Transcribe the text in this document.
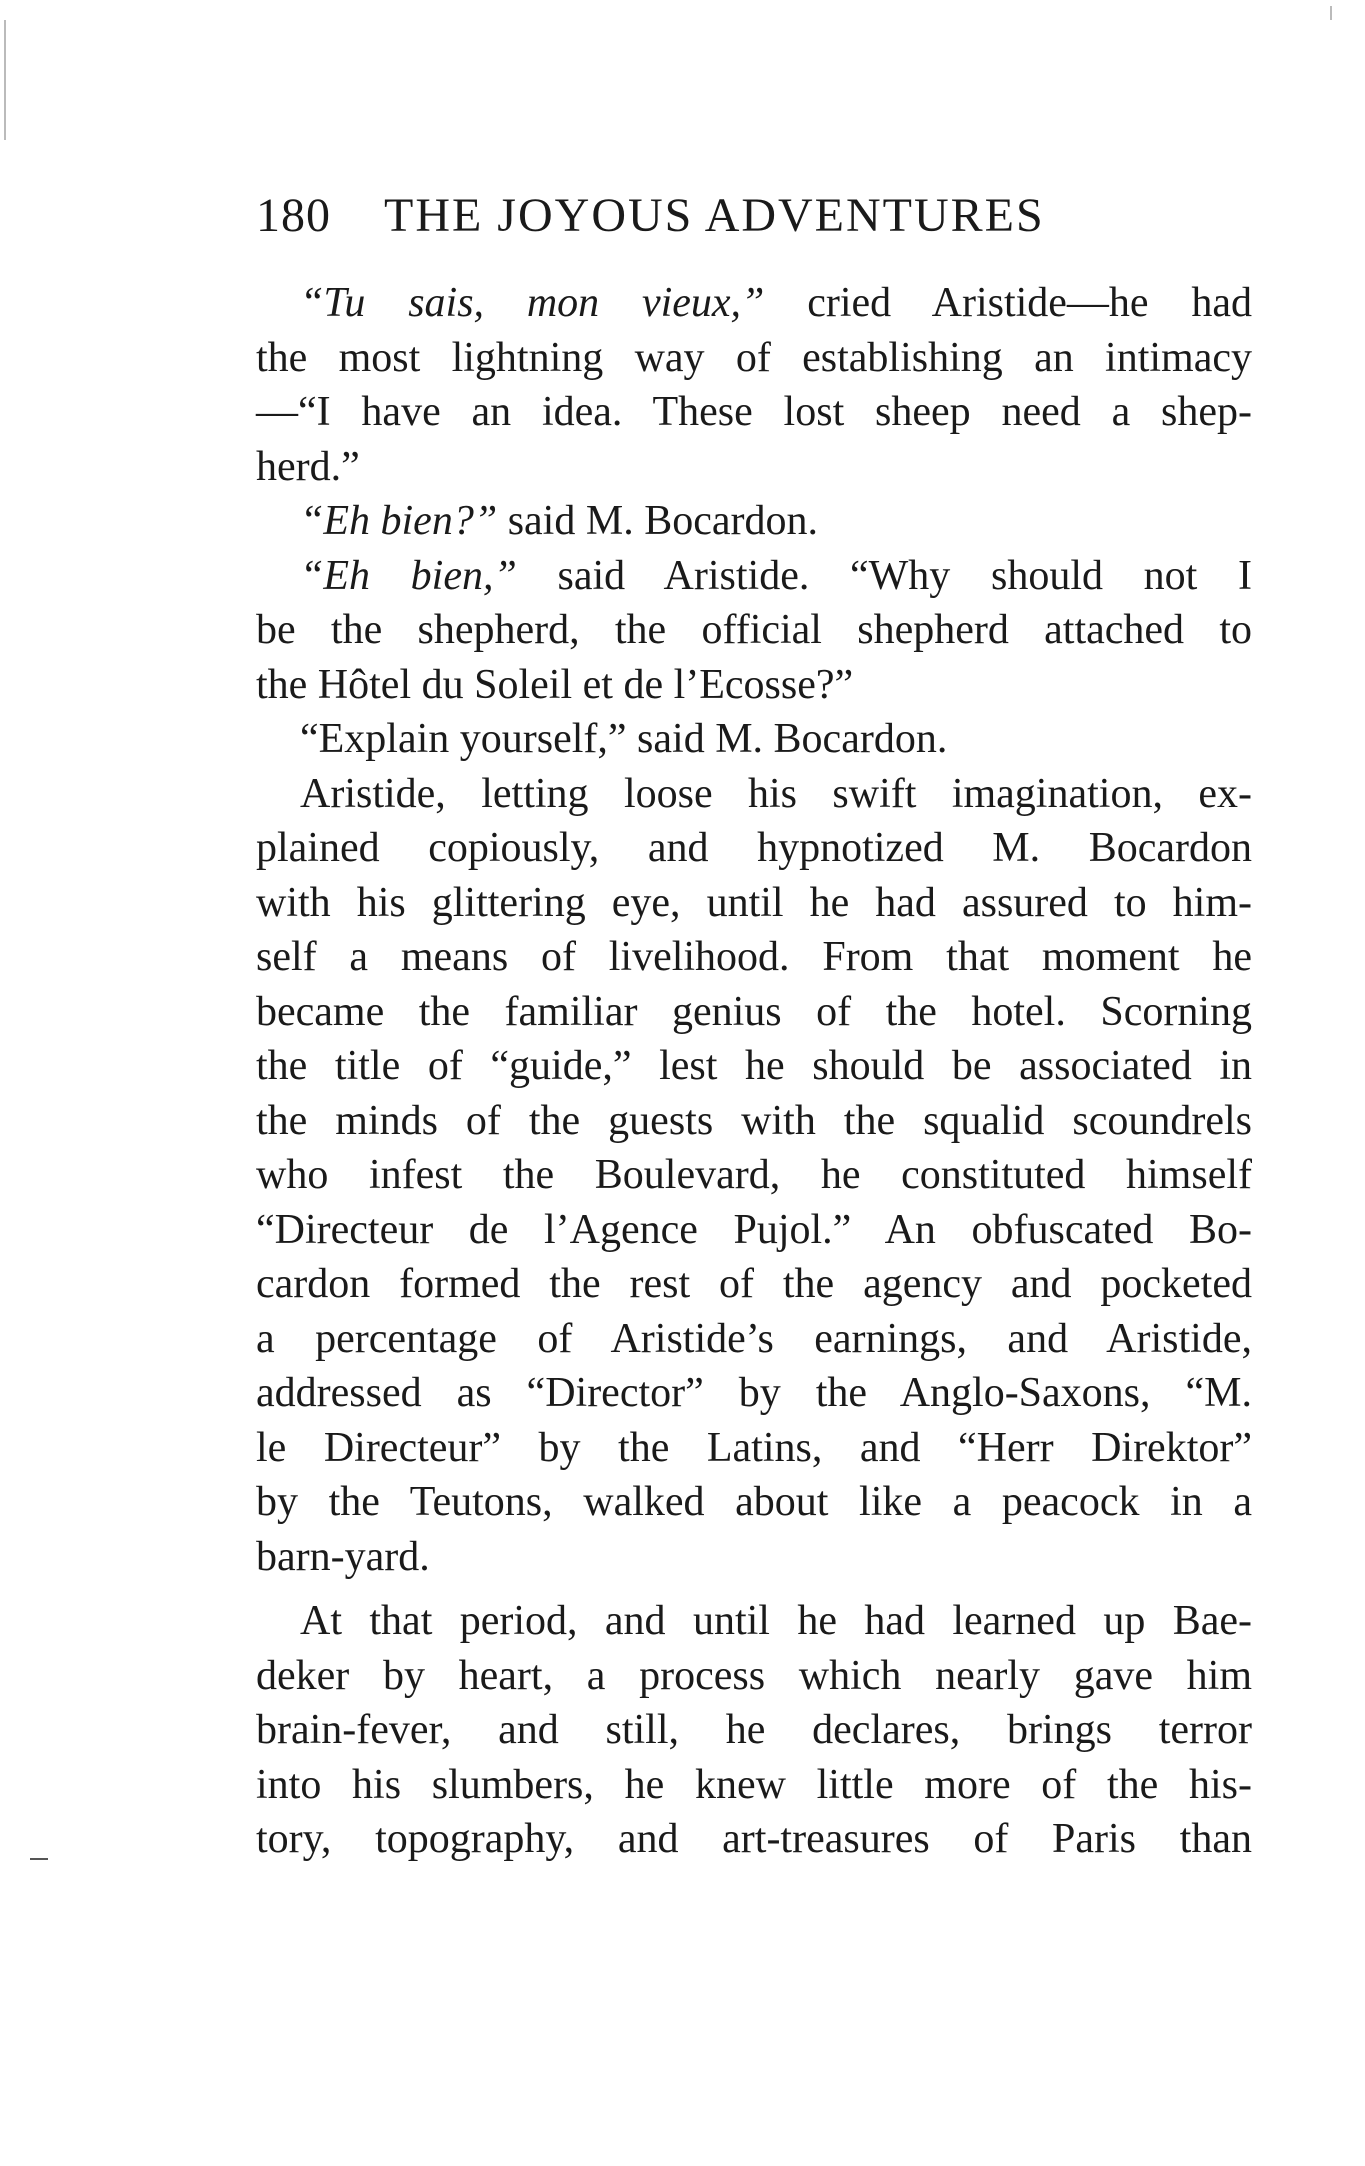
180 THE JOYOUS ADVENTURES
“Tu sais, mon vieux,” cried Aristide—he had
the most lightning way of establishing an intimacy
—“I have an idea. These lost sheep need a shep-
herd.”
“Eh bien?” said M. Bocardon.
“Eh bien,” said Aristide. “Why should not I
be the shepherd, the official shepherd attached to
the Hôtel du Soleil et de l’Ecosse?”
“Explain yourself,” said M. Bocardon.
Aristide, letting loose his swift imagination, ex-
plained copiously, and hypnotized M. Bocardon
with his glittering eye, until he had assured to him-
self a means of livelihood. From that moment he
became the familiar genius of the hotel. Scorning
the title of “guide,” lest he should be associated in
the minds of the guests with the squalid scoundrels
who infest the Boulevard, he constituted himself
“Directeur de l’Agence Pujol.” An obfuscated Bo-
cardon formed the rest of the agency and pocketed
a percentage of Aristide’s earnings, and Aristide,
addressed as “Director” by the Anglo-Saxons, “M.
le Directeur” by the Latins, and “Herr Direktor”
by the Teutons, walked about like a peacock in a
barn-yard.
At that period, and until he had learned up Bae-
deker by heart, a process which nearly gave him
brain-fever, and still, he declares, brings terror
into his slumbers, he knew little more of the his-
tory, topography, and art-treasures of Paris than
